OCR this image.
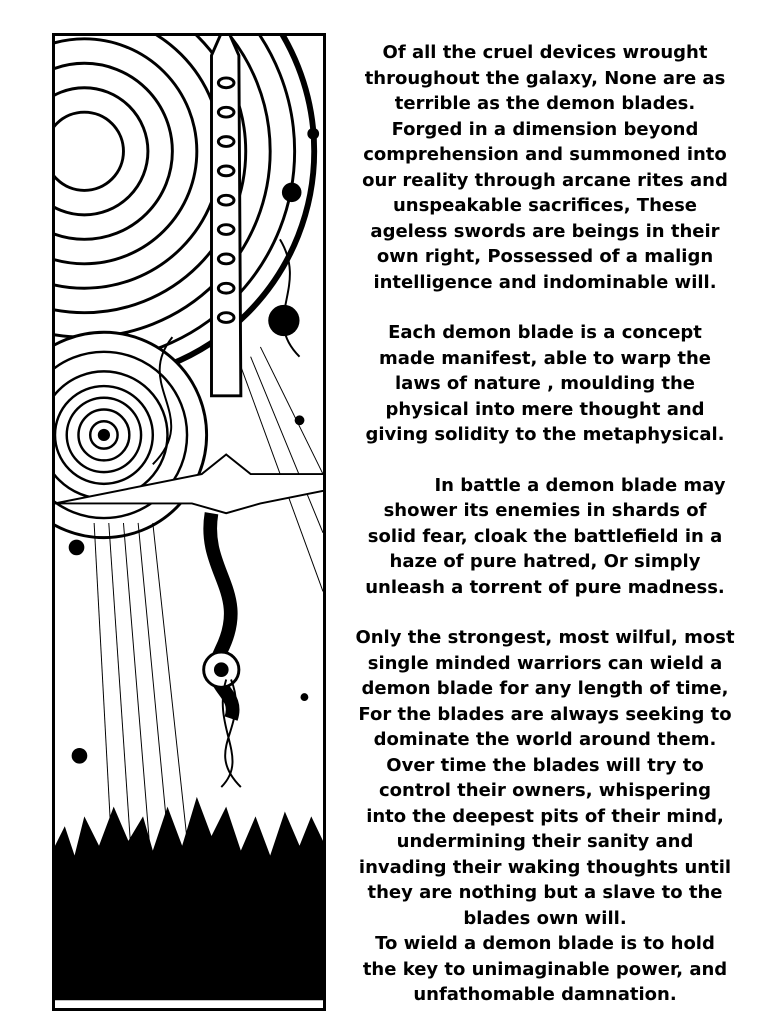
Of all the cruel devices wrought
throughout the galaxy, None are as
terrible as the demon blades.
Forged in a dimension beyond
comprehension and summoned into
our reality through arcane rites and
unspeakable sacrifices, These
ageless swords are beings in their
own right, Possessed of a malign
intelligence and indominable will.

Each demon blade is a concept
made manifest, able to warp the
laws of nature , moulding the
physical into mere thought and
giving solidity to the metaphysical.

In battle a demon blade may
shower its enemies in shards of
solid fear, cloak the battlefield in a
haze of pure hatred, Or simply
unleash a torrent of pure madness.

Only the strongest, most wilful, most
single minded warriors can wield a
demon blade for any length of time,
For the blades are always seeking to
dominate the world around them.
Over time the blades will try to
control their owners, whispering
into the deepest pits of their mind,
undermining their sanity and
invading their waking thoughts until
they are nothing but a slave to the
blades own will.
To wield a demon blade is to hold
the key to unimaginable power, and
unfathomable damnation.
